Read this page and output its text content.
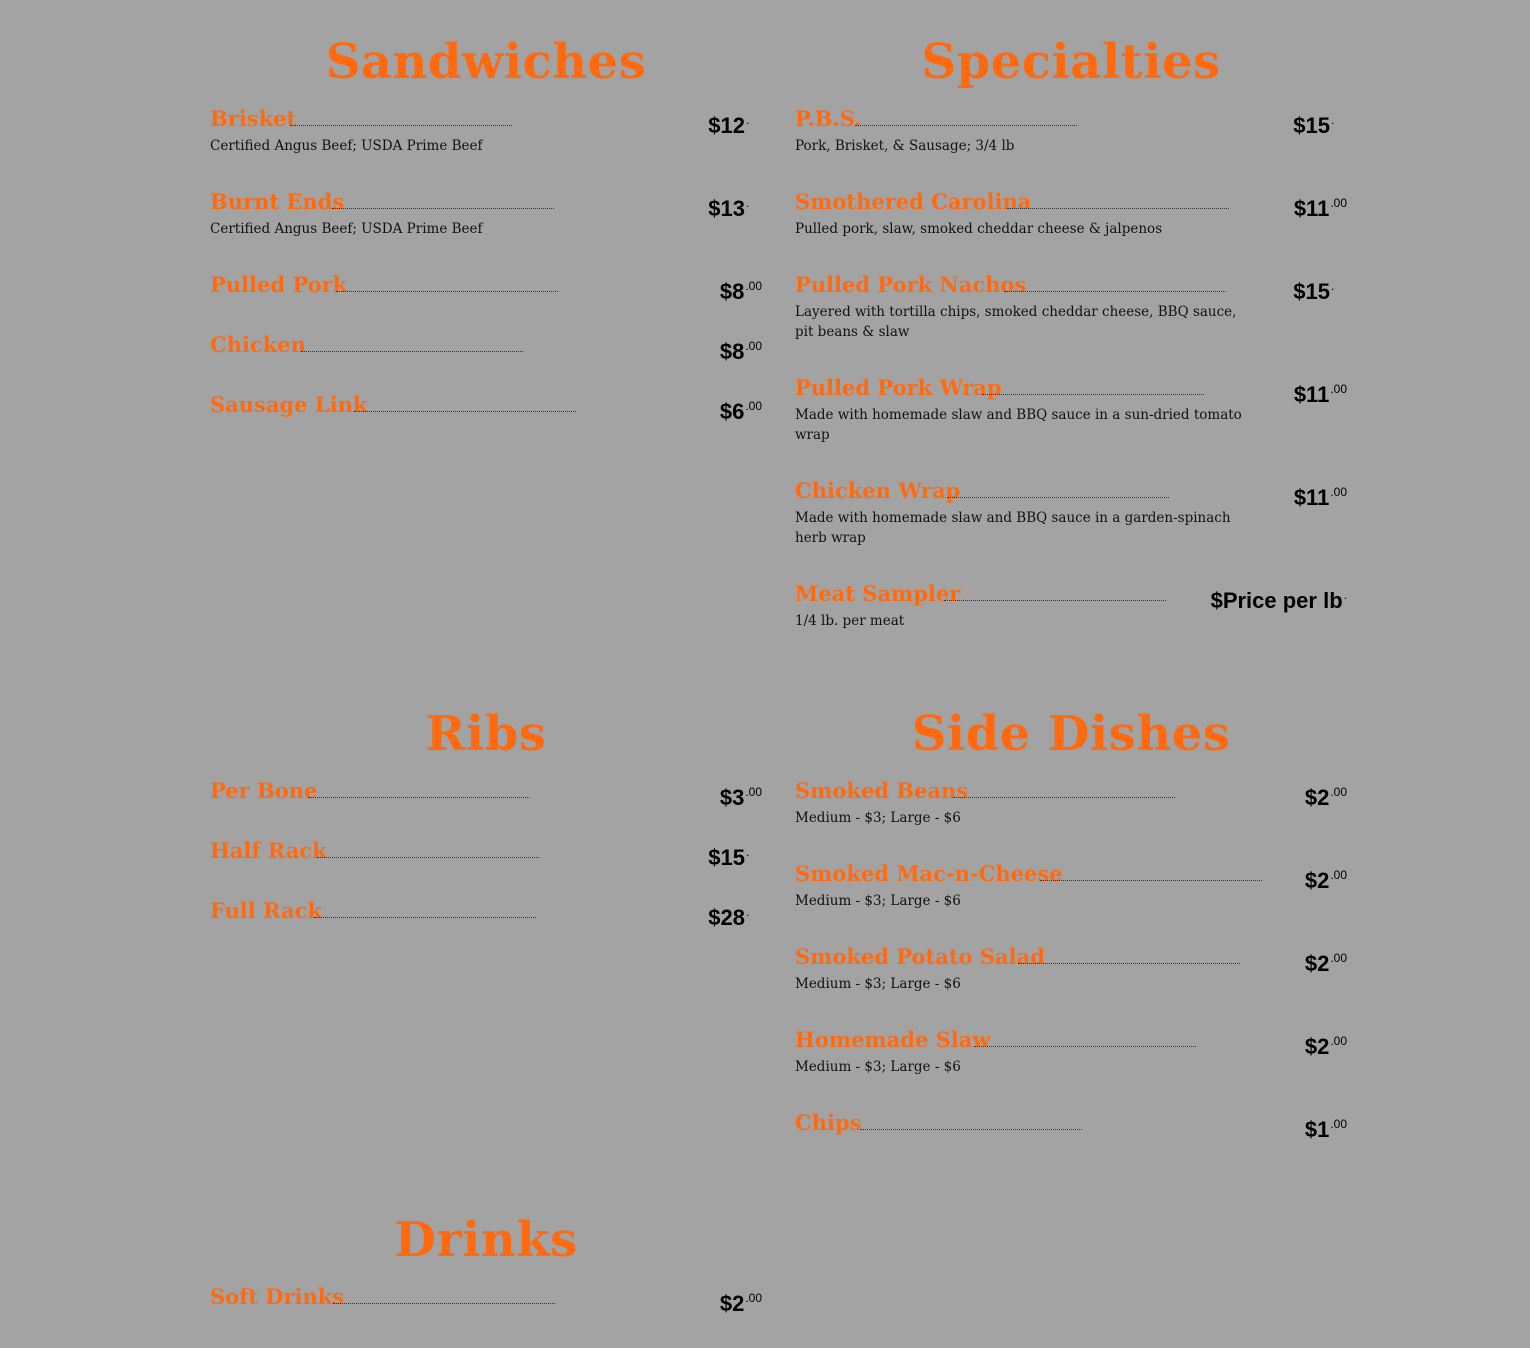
Sandwiches
Brisket	$12.
Certified Angus Beef; USDA Prime Beef
Burnt Ends	$13.
Certified Angus Beef; USDA Prime Beef
Pulled Pork	$8.00
Chicken	$8.00
Sausage Link	$6.00
Specialties
P.B.S.	$15.
Pork, Brisket, & Sausage; 3/4 lb
Smothered Carolina	$11.00
Pulled pork, slaw, smoked cheddar cheese & jalpenos
Pulled Pork Nachos	$15.
Layered with tortilla chips, smoked cheddar cheese, BBQ sauce, pit beans & slaw
Pulled Pork Wrap	$11.00
Made with homemade slaw and BBQ sauce in a sun-dried tomato wrap
Chicken Wrap	$11.00
Made with homemade slaw and BBQ sauce in a garden-spinach herb wrap
Meat Sampler	$Price per lb.
1/4 lb. per meat
Ribs
Per Bone	$3.00
Half Rack	$15.
Full Rack	$28.
Side Dishes
Smoked Beans	$2.00
Medium - $3; Large - $6
Smoked Mac-n-Cheese	$2.00
Medium - $3; Large - $6
Smoked Potato Salad	$2.00
Medium - $3; Large - $6
Homemade Slaw	$2.00
Medium - $3; Large - $6
Chips	$1.00
Drinks
Soft Drinks	$2.00
